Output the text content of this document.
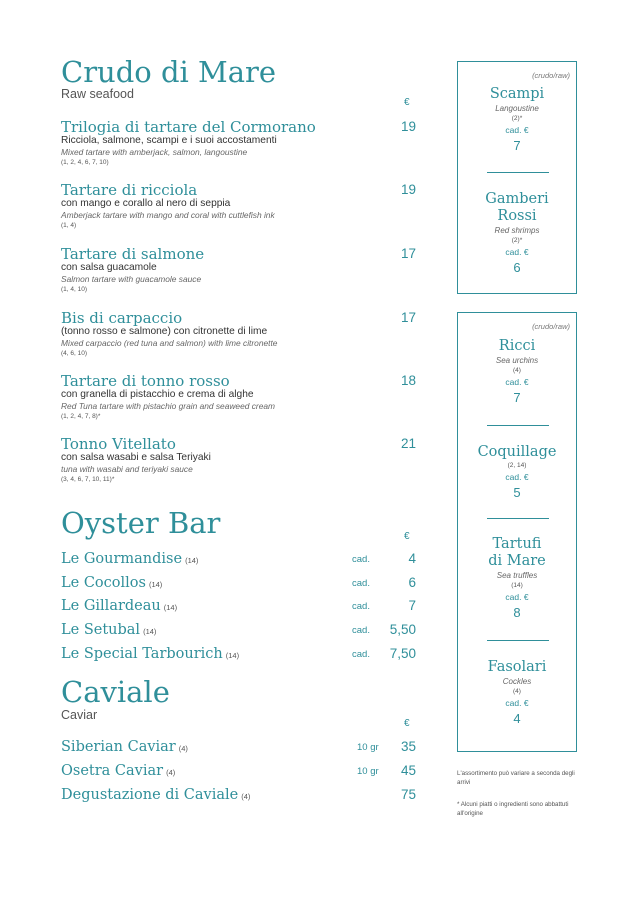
Crudo di Mare
Raw seafood
€
Trilogia di tartare del Cormorano	19
Ricciola, salmone, scampi e i suoi accostamenti
Mixed tartare with amberjack, salmon, langoustine
(1, 2, 4, 6, 7, 10)
Tartare di ricciola	19
con mango e corallo al nero di seppia
Amberjack tartare with mango and coral with cuttlefish ink
(1, 4)
Tartare di salmone	17
con salsa guacamole
Salmon tartare with guacamole sauce
(1, 4, 10)
Bis di carpaccio	17
(tonno rosso e salmone) con citronette di lime
Mixed carpaccio (red tuna and salmon) with lime citronette
(4, 6, 10)
Tartare di tonno rosso	18
con granella di pistacchio e crema di alghe
Red Tuna tartare with pistachio grain and seaweed cream
(1, 2, 4, 7, 8)*
Tonno Vitellato	21
con salsa wasabi e salsa Teriyaki
tuna with wasabi and teriyaki sauce
(3, 4, 6, 7, 10, 11)*
Oyster Bar	€
Le Gourmandise (14)	cad.	4
Le Cocollos (14)	cad.	6
Le Gillardeau (14)	cad.	7
Le Setubal (14)	cad. 5,50
Le Special Tarbourich (14)	cad. 7,50
Caviale
Caviar
€
Siberian Caviar (4)	10 gr 35
Osetra Caviar (4)	10 gr 45
Degustazione di Caviale (4)	75
(crudo/raw)
Scampi
Langoustine
(2)*
cad. €
7
Gamberi Rossi
Red shrimps
(2)*
cad. €
6
(crudo/raw)
Ricci
Sea urchins
(4)
cad. €
7
Coquillage
(2, 14)
cad. €
5
Tartufi di Mare
Sea truffles
(14)
cad. €
8
Fasolari
Cockles
(4)
cad. €
4
L'assortimento può variare a seconda degli arrivi
* Alcuni piatti o ingredienti sono abbattuti all'origine
